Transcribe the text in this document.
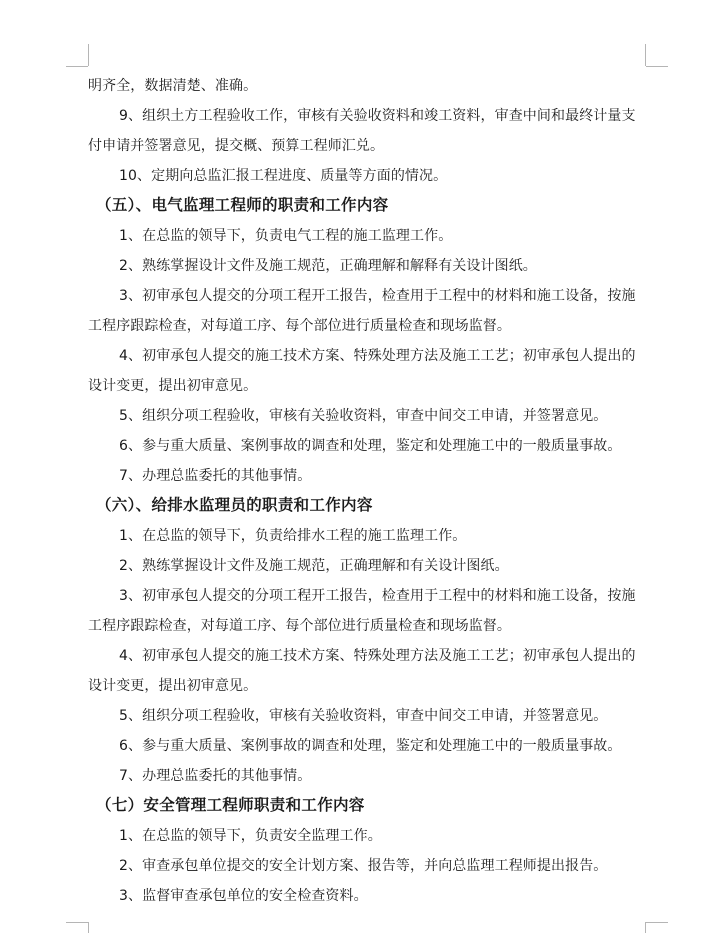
明齐全，数据清楚、准确。
9、组织土方工程验收工作，审核有关验收资料和竣工资料，审查中间和最终计量支
付申请并签署意见，提交概、预算工程师汇兑。
10、定期向总监汇报工程进度、质量等方面的情况。
（五）、电气监理工程师的职责和工作内容
1、在总监的领导下，负责电气工程的施工监理工作。
2、熟练掌握设计文件及施工规范，正确理解和解释有关设计图纸。
3、初审承包人提交的分项工程开工报告，检查用于工程中的材料和施工设备，按施
工程序跟踪检查，对每道工序、每个部位进行质量检查和现场监督。
4、初审承包人提交的施工技术方案、特殊处理方法及施工工艺；初审承包人提出的
设计变更，提出初审意见。
5、组织分项工程验收，审核有关验收资料，审查中间交工申请，并签署意见。
6、参与重大质量、案例事故的调查和处理，鉴定和处理施工中的一般质量事故。
7、办理总监委托的其他事情。
（六）、给排水监理员的职责和工作内容
1、在总监的领导下，负责给排水工程的施工监理工作。
2、熟练掌握设计文件及施工规范，正确理解和有关设计图纸。
3、初审承包人提交的分项工程开工报告，检查用于工程中的材料和施工设备，按施
工程序跟踪检查，对每道工序、每个部位进行质量检查和现场监督。
4、初审承包人提交的施工技术方案、特殊处理方法及施工工艺；初审承包人提出的
设计变更，提出初审意见。
5、组织分项工程验收，审核有关验收资料，审查中间交工申请，并签署意见。
6、参与重大质量、案例事故的调查和处理，鉴定和处理施工中的一般质量事故。
7、办理总监委托的其他事情。
（七）安全管理工程师职责和工作内容
1、在总监的领导下，负责安全监理工作。
2、审查承包单位提交的安全计划方案、报告等，并向总监理工程师提出报告。
3、监督审查承包单位的安全检查资料。
